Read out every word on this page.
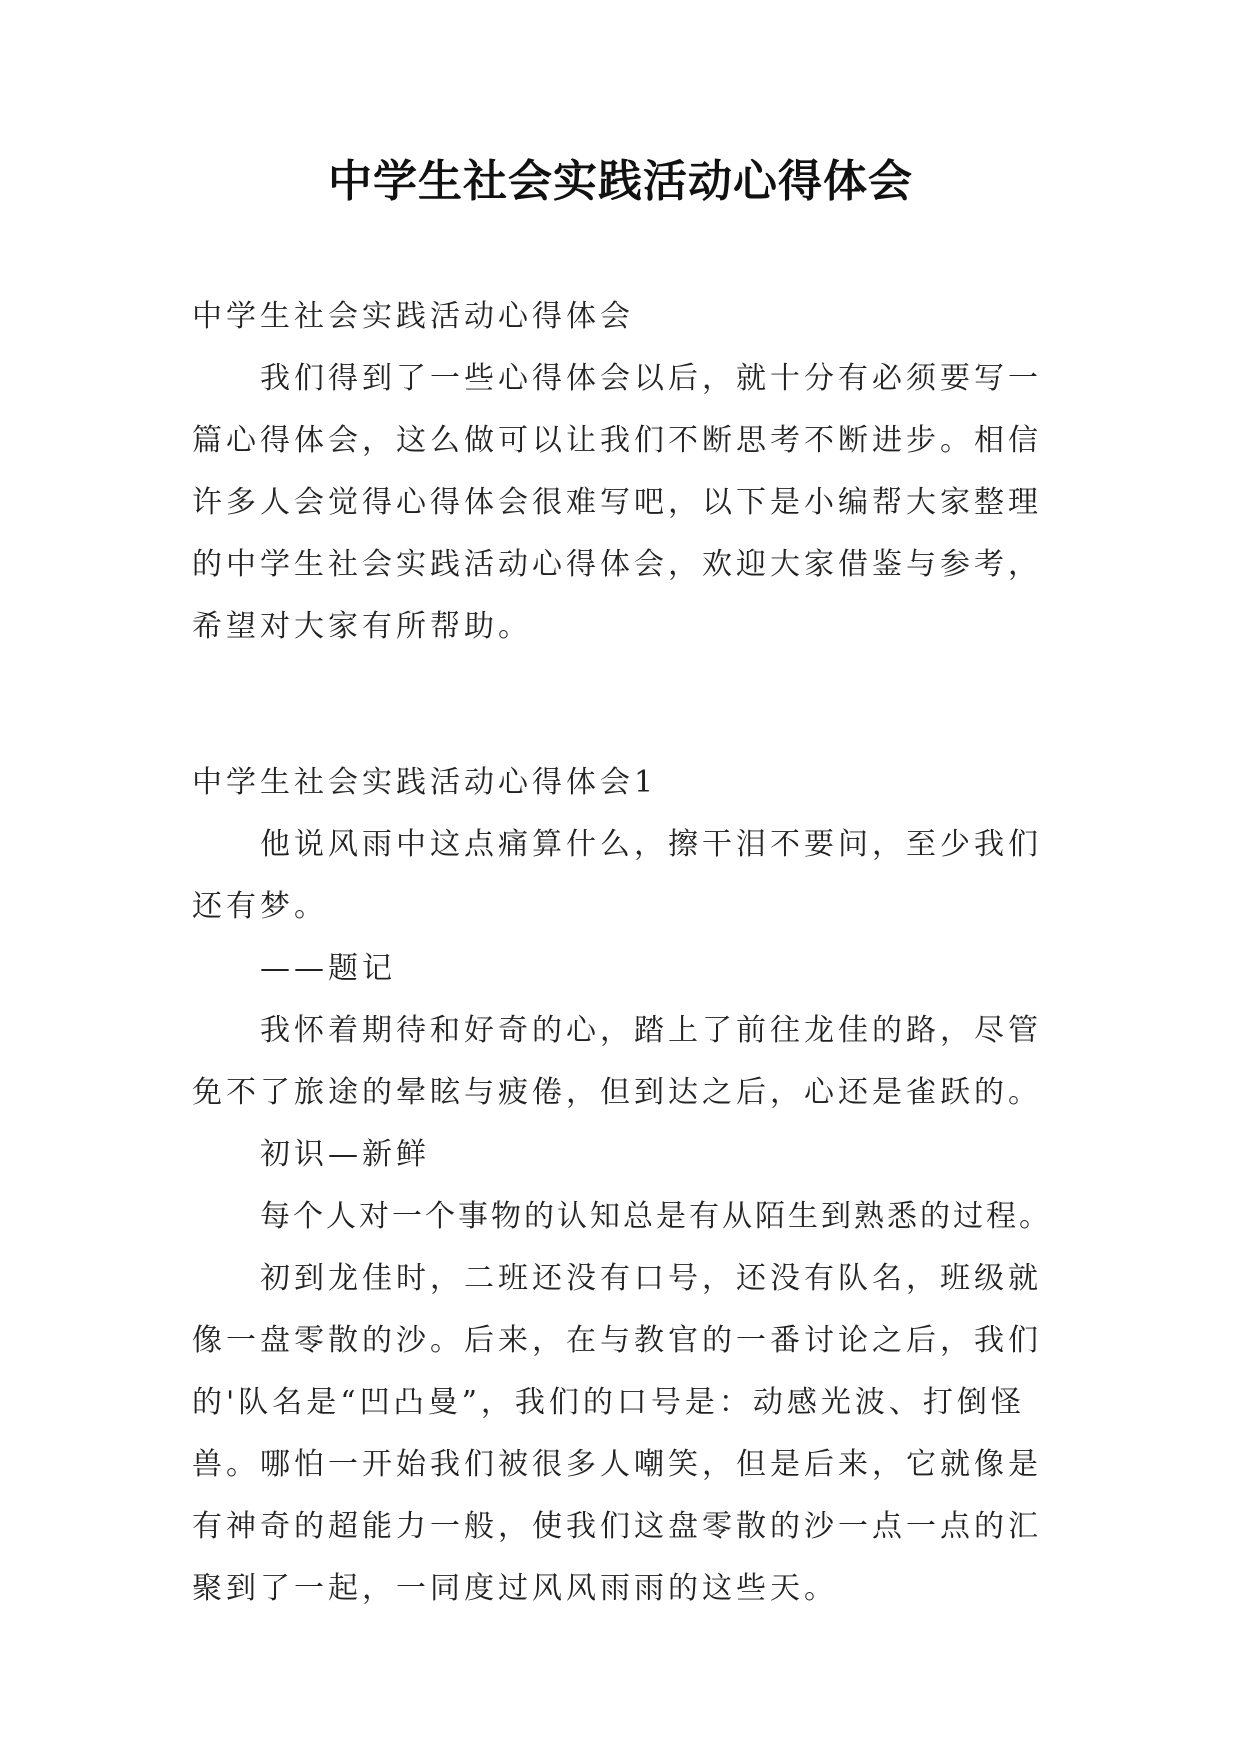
中学生社会实践活动心得体会

中学生社会实践活动心得体会

我们得到了一些心得体会以后，就十分有必须要写一篇心得体会，这么做可以让我们不断思考不断进步。相信许多人会觉得心得体会很难写吧，以下是小编帮大家整理的中学生社会实践活动心得体会，欢迎大家借鉴与参考，希望对大家有所帮助。

中学生社会实践活动心得体会1

他说风雨中这点痛算什么，擦干泪不要问，至少我们还有梦。

——题记

我怀着期待和好奇的心，踏上了前往龙佳的路，尽管免不了旅途的晕眩与疲倦，但到达之后，心还是雀跃的。

初识—新鲜

每个人对一个事物的认知总是有从陌生到熟悉的过程。

初到龙佳时，二班还没有口号，还没有队名，班级就像一盘零散的沙。后来，在与教官的一番讨论之后，我们的'队名是“凹凸曼”，我们的口号是：动感光波、打倒怪兽。哪怕一开始我们被很多人嘲笑，但是后来，它就像是有神奇的超能力一般，使我们这盘零散的沙一点一点的汇聚到了一起，一同度过风风雨雨的这些天。
